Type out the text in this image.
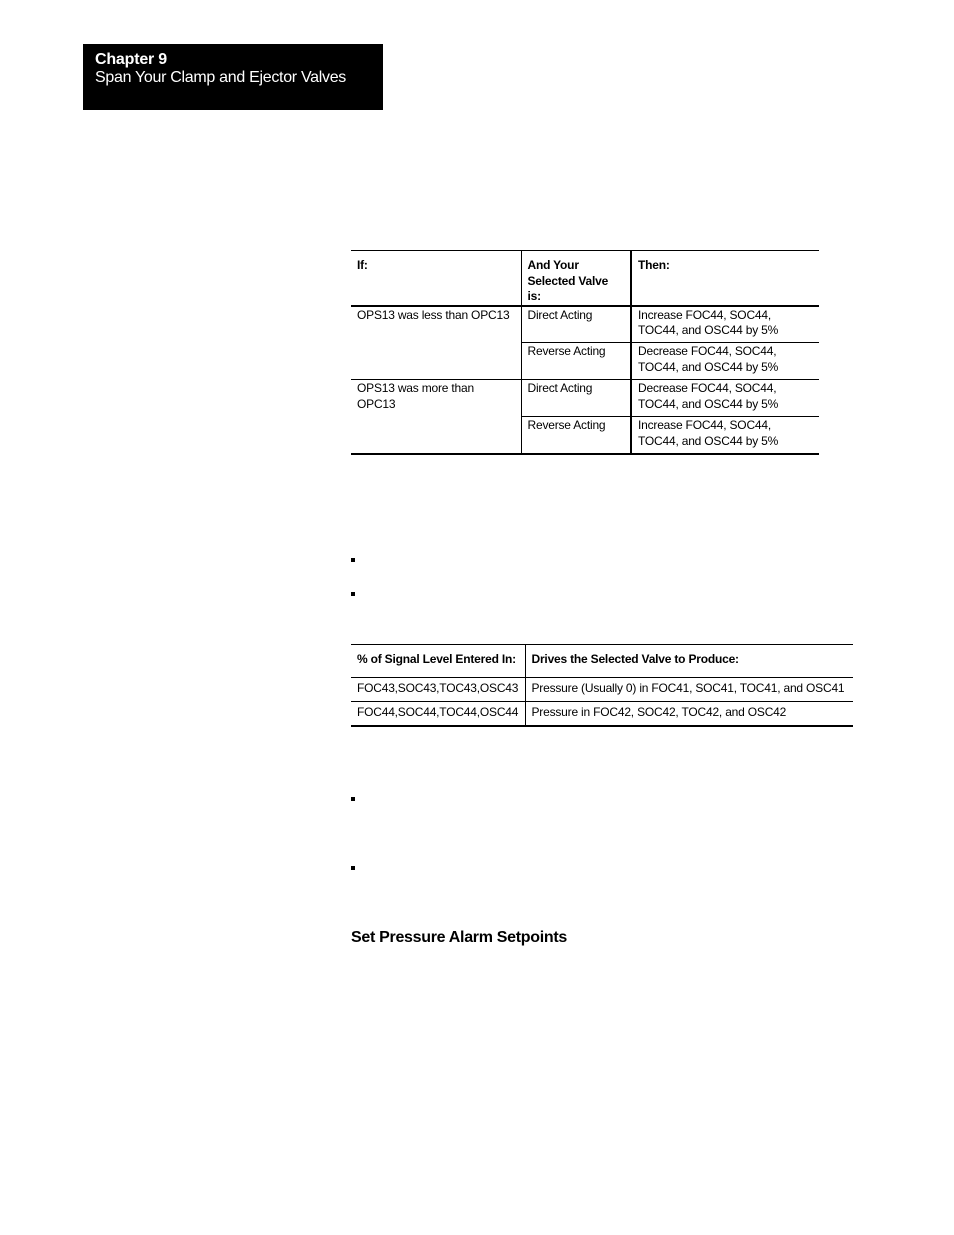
Chapter 9
Span Your Clamp and Ejector Valves
If:	And Your Selected Valve is:	Then:
OPS13 was less than OPC13	Direct Acting	Increase FOC44, SOC44, TOC44, and OSC44 by 5%
	Reverse Acting	Decrease FOC44, SOC44, TOC44, and OSC44 by 5%
OPS13 was more than OPC13	Direct Acting	Decrease FOC44, SOC44, TOC44, and OSC44 by 5%
	Reverse Acting	Increase FOC44, SOC44, TOC44, and OSC44 by 5%
% of Signal Level Entered In:	Drives the Selected Valve to Produce:
FOC43,SOC43,TOC43,OSC43	Pressure (Usually 0) in FOC41, SOC41, TOC41, and OSC41
FOC44,SOC44,TOC44,OSC44	Pressure in FOC42, SOC42, TOC42, and OSC42
Set Pressure Alarm Setpoints
